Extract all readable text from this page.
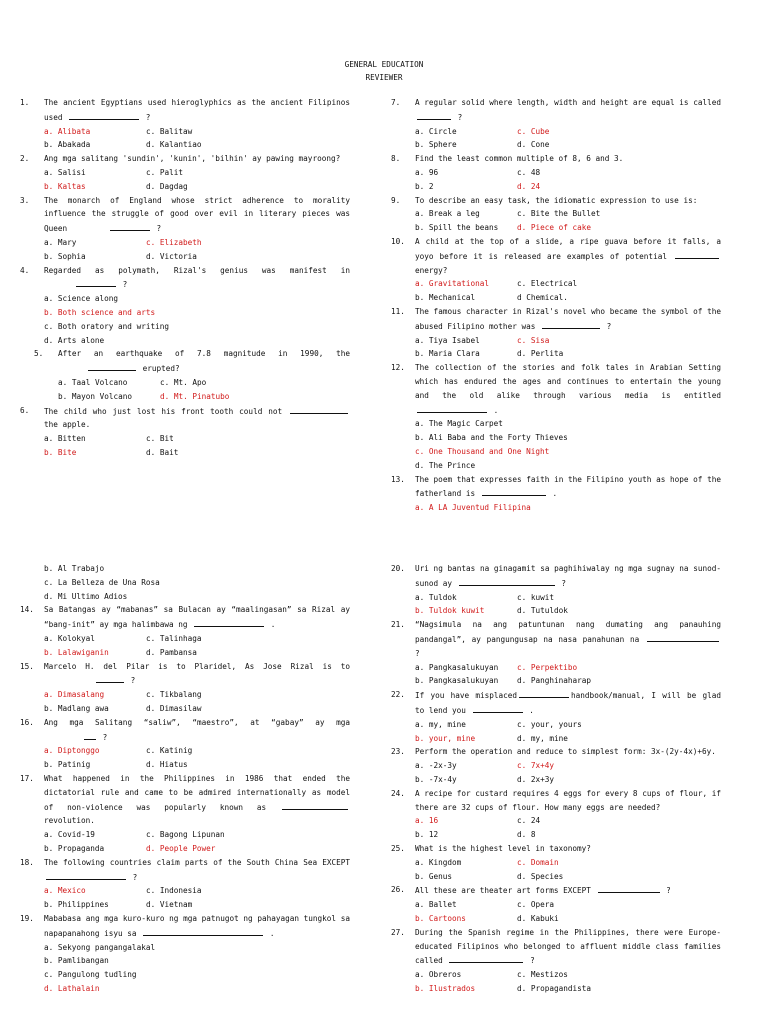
GENERAL EDUCATION
REVIEWER
1.	The ancient Egyptians used hieroglyphics as the ancient Filipinos used	?
a. Alibata	c. Balitaw
b. Abakada	d. Kalantiao
2.	Ang mga salitang 'sundin', 'kunin', 'bilhin' ay pawing mayroong?
a. Salisi	c. Palit
b. Kaltas	d. Dagdag
3.	The monarch of England whose strict adherence to morality influence the struggle of good over evil in literary pieces was Queen	?
a. Mary	c. Elizabeth
b. Sophia	d. Victoria
4.	Regarded as polymath, Rizal's genius was manifest in  ?
a. Science along
b. Both science and arts
c. Both oratory and writing
d. Arts alone
5.	After an earthquake of 7.8 magnitude in 1990, the  erupted?
a. Taal Volcano	c. Mt. Apo
b. Mayon Volcano	d. Mt. Pinatubo
6.	The child who just lost his front tooth could not  the apple.
a. Bitten	c. Bit
b. Bite	d. Bait
7.	A regular solid where length, width and height are equal is called  ?
a. Circle	c. Cube
b. Sphere	d. Cone
8.	Find the least common multiple of 8, 6 and 3.
a. 96	c. 48
b. 2	d. 24
9.	To describe an easy task, the idiomatic expression to use is:
a. Break a leg	c. Bite the Bullet
b. Spill the beans	d. Piece of cake
10.	A child at the top of a slide, a ripe guava before it falls, a yoyo before it is released are examples of potential  energy?
a. Gravitational	c. Electrical
b. Mechanical	d Chemical.
11.	The famous character in Rizal's novel who became the symbol of the abused Filipino mother was	?
a. Tiya Isabel	c. Sisa
b. Maria Clara	d. Perlita
12.	The collection of the stories and folk tales in Arabian Setting which has endured the ages and continues to entertain the young and the old alike through various media is entitled  .
a. The Magic Carpet
b. Ali Baba and the Forty Thieves
c. One Thousand and One Night
d. The Prince
13.	The poem that expresses faith in the Filipino youth as hope of the fatherland is	.
a. A LA Juventud Filipina
b. Al Trabajo
c. La Belleza de Una Rosa
d. Mi Ultimo Adios
14.	Sa Batangas ay “mabanas” sa Bulacan ay “maalingasan” sa Rizal ay “bang-init” ay mga halimbawa ng	.
a. Kolokyal	c. Talinhaga
b. Lalawiganin	d. Pambansa
15.	Marcelo H. del Pilar is to Plaridel, As Jose Rizal is to  ?
a. Dimasalang	c. Tikbalang
b. Madlang awa	d. Dimasilaw
16.	Ang mga Salitang “saliw”, “maestro”, at “gabay” ay mga  ?
a. Diptonggo	c. Katinig
b. Patinig	d. Hiatus
17.	What happened in the Philippines in 1986 that ended the dictatorial rule and came to be admired internationally as model of non-violence was popularly known as  revolution.
a. Covid-19	c. Bagong Lipunan
b. Propaganda	d. People Power
18.	The following countries claim parts of the South China Sea EXCEPT  ?
a. Mexico	c. Indonesia
b. Philippines	d. Vietnam
19.	Mababasa ang mga kuro-kuro ng mga patnugot ng pahayagan tungkol sa napapanahong isyu sa	.
a. Sekyong pangangalakal
b. Pamlibangan
c. Pangulong tudling
d. Lathalain
20.	Uri ng bantas na ginagamit sa paghihiwalay ng mga sugnay na sunod-sunod ay	?
a. Tuldok	c. kuwit
b. Tuldok kuwit	d. Tutuldok
21.	“Nagsimula na ang patuntunan nang dumating ang panauhing pandangal”, ay pangungusap na nasa panahunan na  ?
a. Pangkasalukuyan	c. Perpektibo
b. Pangkasalukuyan	d. Panghinaharap
22.	If you have misplaced	handbook/manual, I will be glad to lend you	.
a. my, mine	c. your, yours
b. your, mine	d. my, mine
23.	Perform the operation and reduce to simplest form: 3x-(2y-4x)+6y.
a. -2x-3y	c. 7x+4y
b. -7x-4y	d. 2x+3y
24.	A recipe for custard requires 4 eggs for every 8 cups of flour, if there are 32 cups of flour. How many eggs are needed?
a. 16	c. 24
b. 12	d. 8
25.	What is the highest level in taxonomy?
a. Kingdom	c. Domain
b. Genus	d. Species
26.	All these are theater art forms EXCEPT	?
a. Ballet	c. Opera
b. Cartoons	d. Kabuki
27.	During the Spanish regime in the Philippines, there were Europe-educated Filipinos who belonged to affluent middle class families called	?
a. Obreros	c. Mestizos
b. Ilustrados	d. Propagandista
